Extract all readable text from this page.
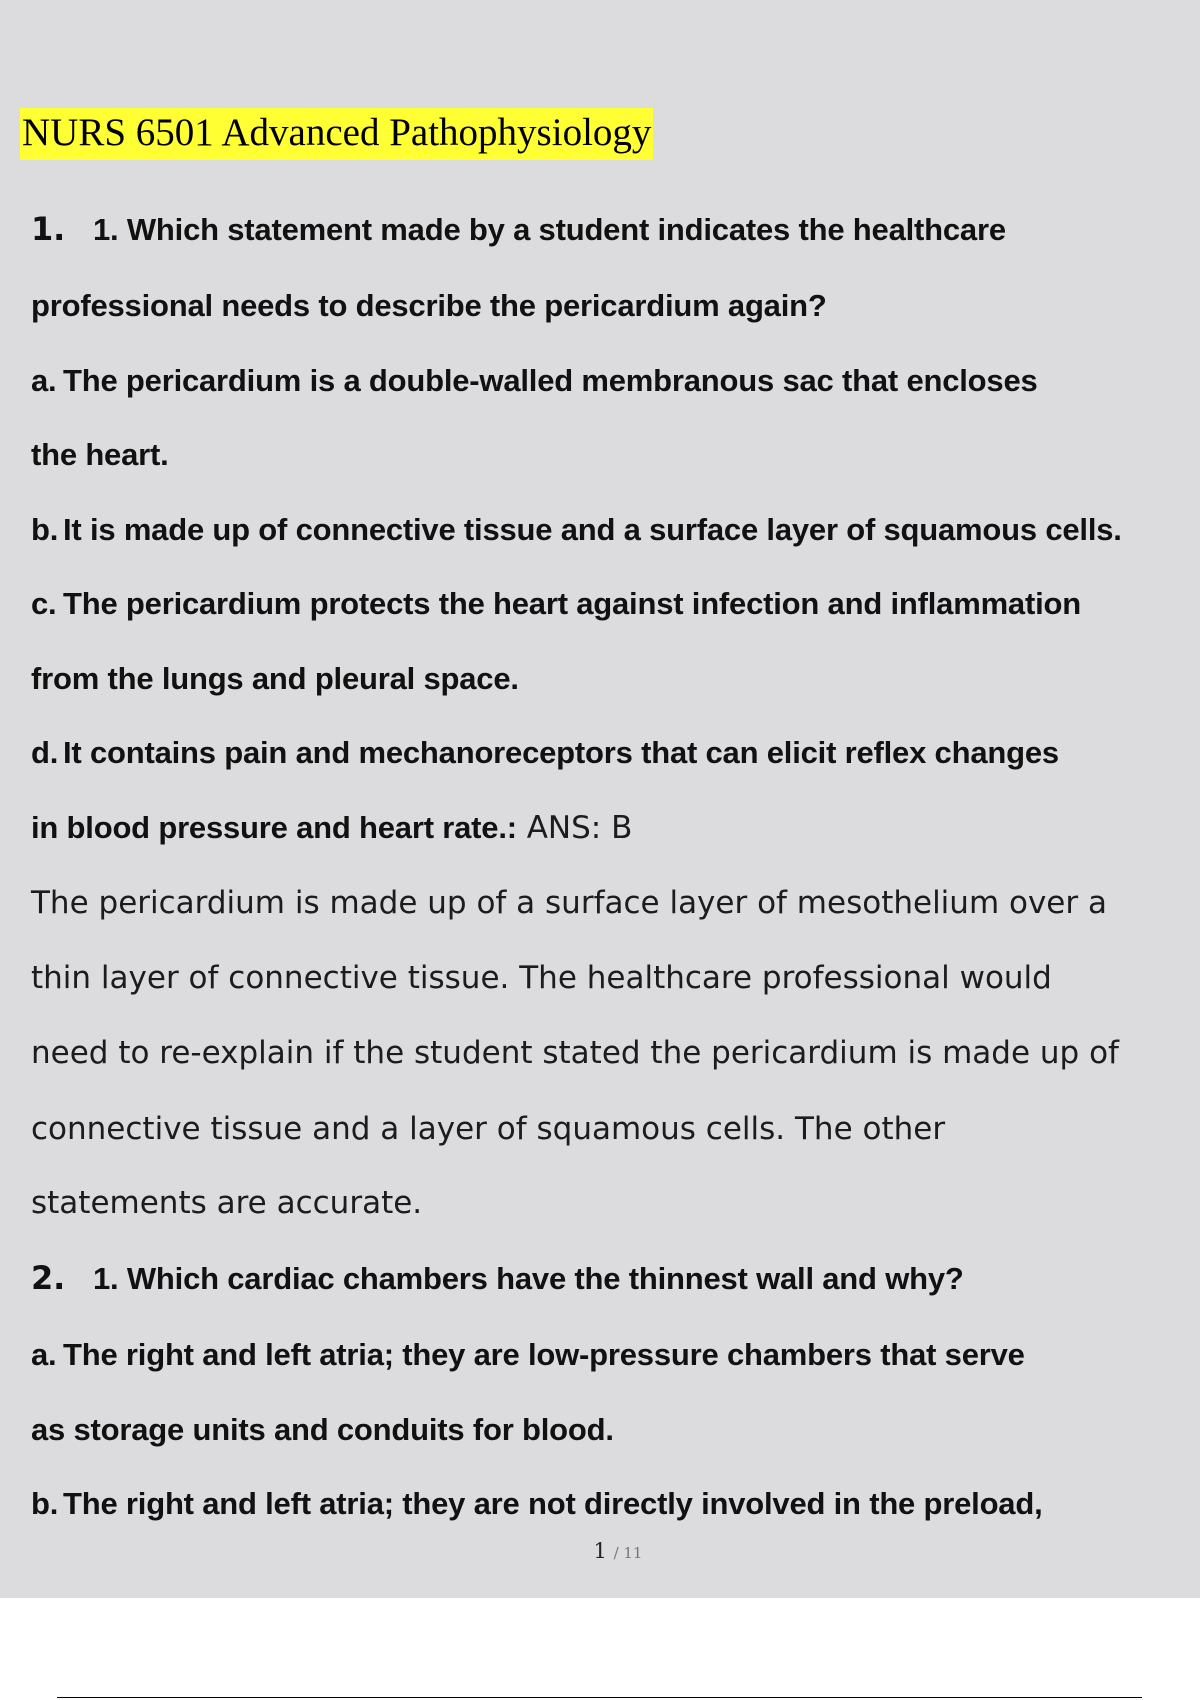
NURS 6501 Advanced Pathophysiology
1. 1. Which statement made by a student indicates the healthcare
professional needs to describe the pericardium again?
a. The pericardium is a double-walled membranous sac that encloses
the heart.
b. It is made up of connective tissue and a surface layer of squamous cells.
c. The pericardium protects the heart against infection and inflammation
from the lungs and pleural space.
d. It contains pain and mechanoreceptors that can elicit reflex changes
in blood pressure and heart rate.: ANS: B
The pericardium is made up of a surface layer of mesothelium over a
thin layer of connective tissue. The healthcare professional would
need to re-explain if the student stated the pericardium is made up of
connective tissue and a layer of squamous cells. The other
statements are accurate.
2. 1. Which cardiac chambers have the thinnest wall and why?
a. The right and left atria; they are low-pressure chambers that serve
as storage units and conduits for blood.
b. The right and left atria; they are not directly involved in the preload,
1 / 11
